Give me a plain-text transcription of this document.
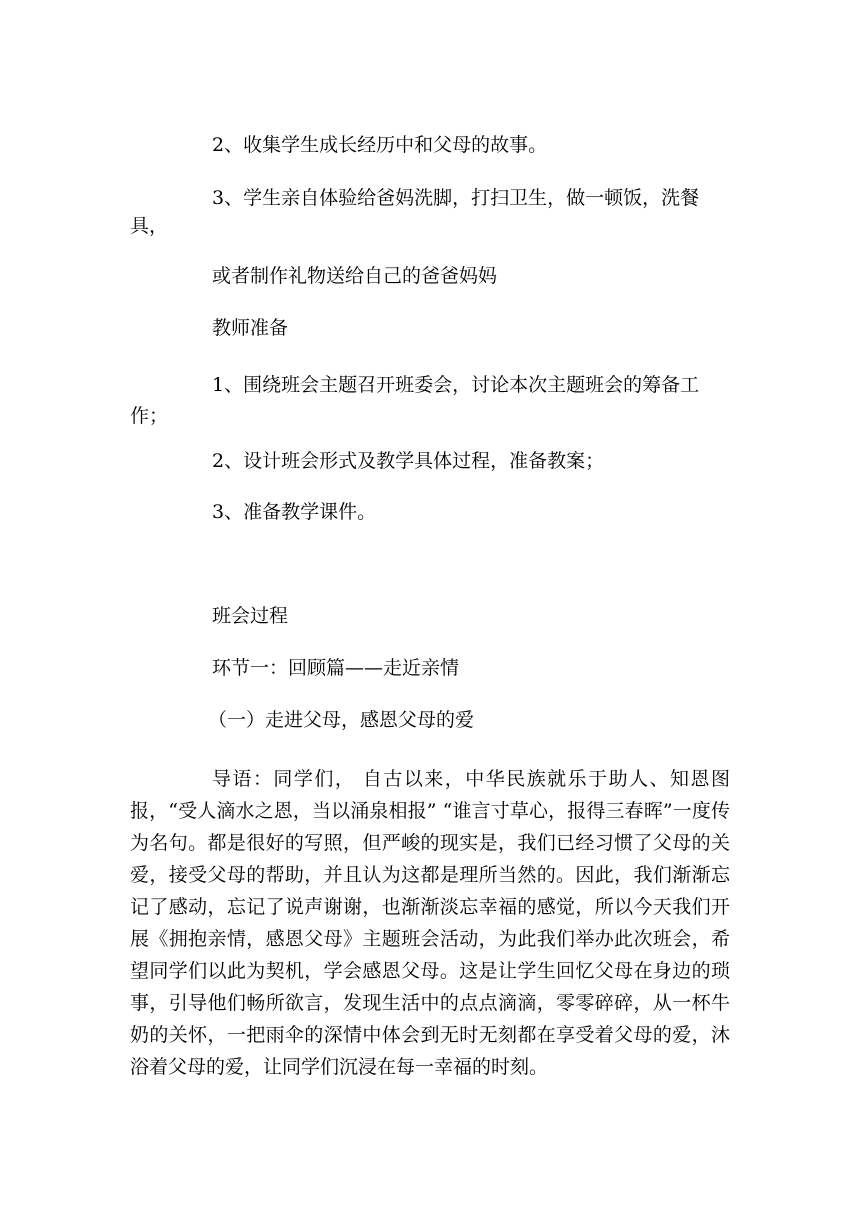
2、收集学生成长经历中和父母的故事。

3、学生亲自体验给爸妈洗脚，打扫卫生，做一顿饭，洗餐具，

或者制作礼物送给自己的爸爸妈妈

教师准备

1、围绕班会主题召开班委会，讨论本次主题班会的筹备工作；

2、设计班会形式及教学具体过程，准备教案；

3、准备教学课件。

班会过程

环节一：回顾篇——走近亲情

（一）走进父母，感恩父母的爱

导语：同学们， 自古以来，中华民族就乐于助人、知恩图报，“受人滴水之恩，当以涌泉相报” “谁言寸草心，报得三春晖”一度传为名句。都是很好的写照，但严峻的现实是，我们已经习惯了父母的关爱，接受父母的帮助，并且认为这都是理所当然的。因此，我们渐渐忘记了感动，忘记了说声谢谢，也渐渐淡忘幸福的感觉，所以今天我们开展《拥抱亲情，感恩父母》主题班会活动，为此我们举办此次班会，希望同学们以此为契机，学会感恩父母。这是让学生回忆父母在身边的琐事，引导他们畅所欲言，发现生活中的点点滴滴，零零碎碎，从一杯牛奶的关怀，一把雨伞的深情中体会到无时无刻都在享受着父母的爱，沐浴着父母的爱，让同学们沉浸在每一幸福的时刻。
